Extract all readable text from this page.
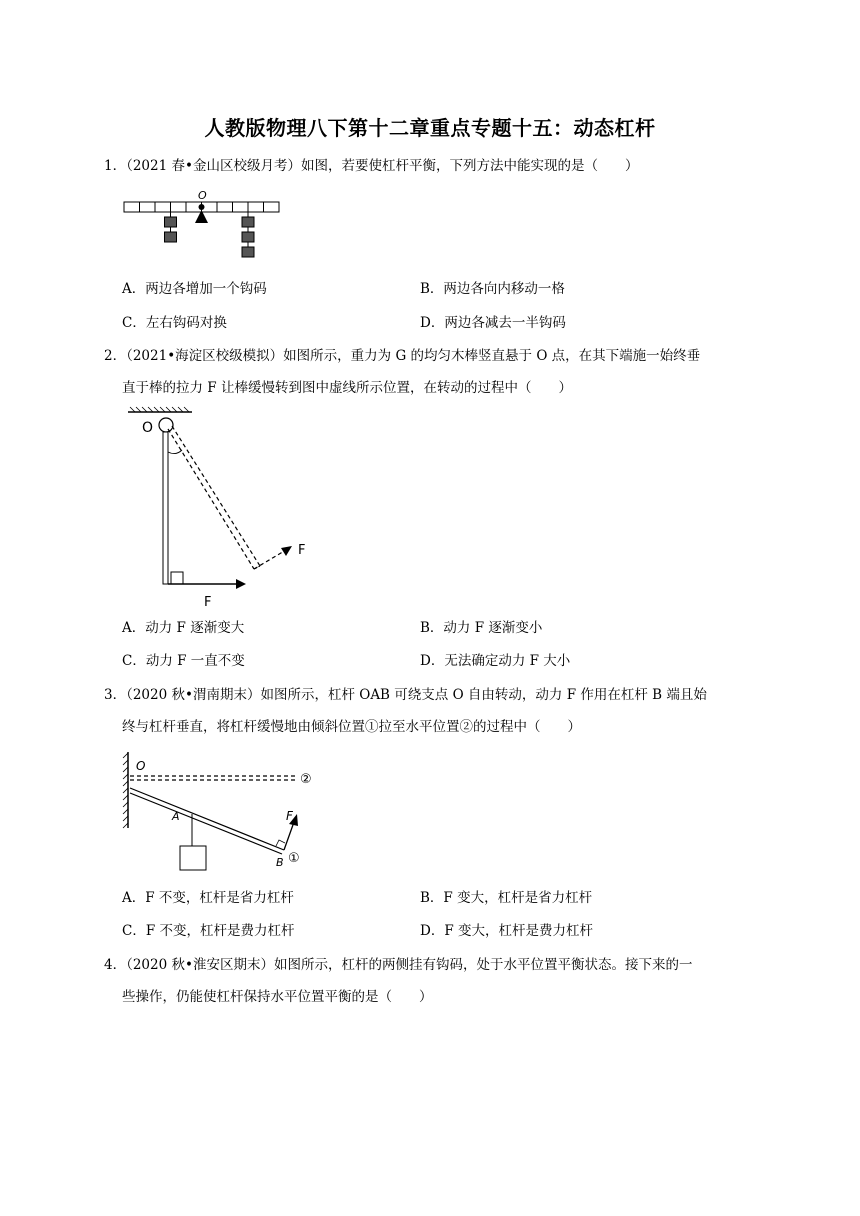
人教版物理八下第十二章重点专题十五：动态杠杆
1．（2021 春•金山区校级月考）如图，若要使杠杆平衡，下列方法中能实现的是（　　）
O
A．两边各增加一个钩码	B．两边各向内移动一格
C．左右钩码对换	D．两边各减去一半钩码
2．（2021•海淀区校级模拟）如图所示，重力为 G 的均匀木棒竖直悬于 O 点，在其下端施一始终垂
直于棒的拉力 F 让棒缓慢转到图中虚线所示位置，在转动的过程中（　　）
O
F
F
A．动力 F 逐渐变大	B．动力 F 逐渐变小
C．动力 F 一直不变	D．无法确定动力 F 大小
3．（2020 秋•渭南期末）如图所示，杠杆 OAB 可绕支点 O 自由转动，动力 F 作用在杠杆 B 端且始
终与杠杆垂直，将杠杆缓慢地由倾斜位置①拉至水平位置②的过程中（　　）
O
②
A	F
B ①
A．F 不变，杠杆是省力杠杆	B．F 变大，杠杆是省力杠杆
C．F 不变，杠杆是费力杠杆	D．F 变大，杠杆是费力杠杆
4．（2020 秋•淮安区期末）如图所示，杠杆的两侧挂有钩码，处于水平位置平衡状态。接下来的一
些操作，仍能使杠杆保持水平位置平衡的是（　　）
